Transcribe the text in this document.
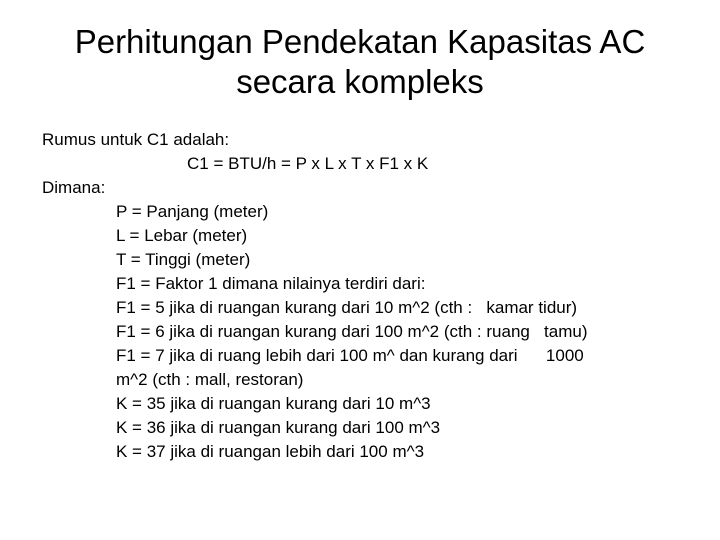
Perhitungan Pendekatan Kapasitas AC
secara kompleks
Rumus untuk C1 adalah:
C1 = BTU/h = P x L x T x F1 x K
Dimana:
P = Panjang (meter)
L = Lebar (meter)
T = Tinggi (meter)
F1 = Faktor 1 dimana nilainya terdiri dari:
F1 = 5 jika di ruangan kurang dari 10 m^2 (cth :   kamar tidur)
F1 = 6 jika di ruangan kurang dari 100 m^2 (cth : ruang   tamu)
F1 = 7 jika di ruang lebih dari 100 m^ dan kurang dari      1000
m^2 (cth : mall, restoran)
K = 35 jika di ruangan kurang dari 10 m^3
K = 36 jika di ruangan kurang dari 100 m^3
K = 37 jika di ruangan lebih dari 100 m^3
